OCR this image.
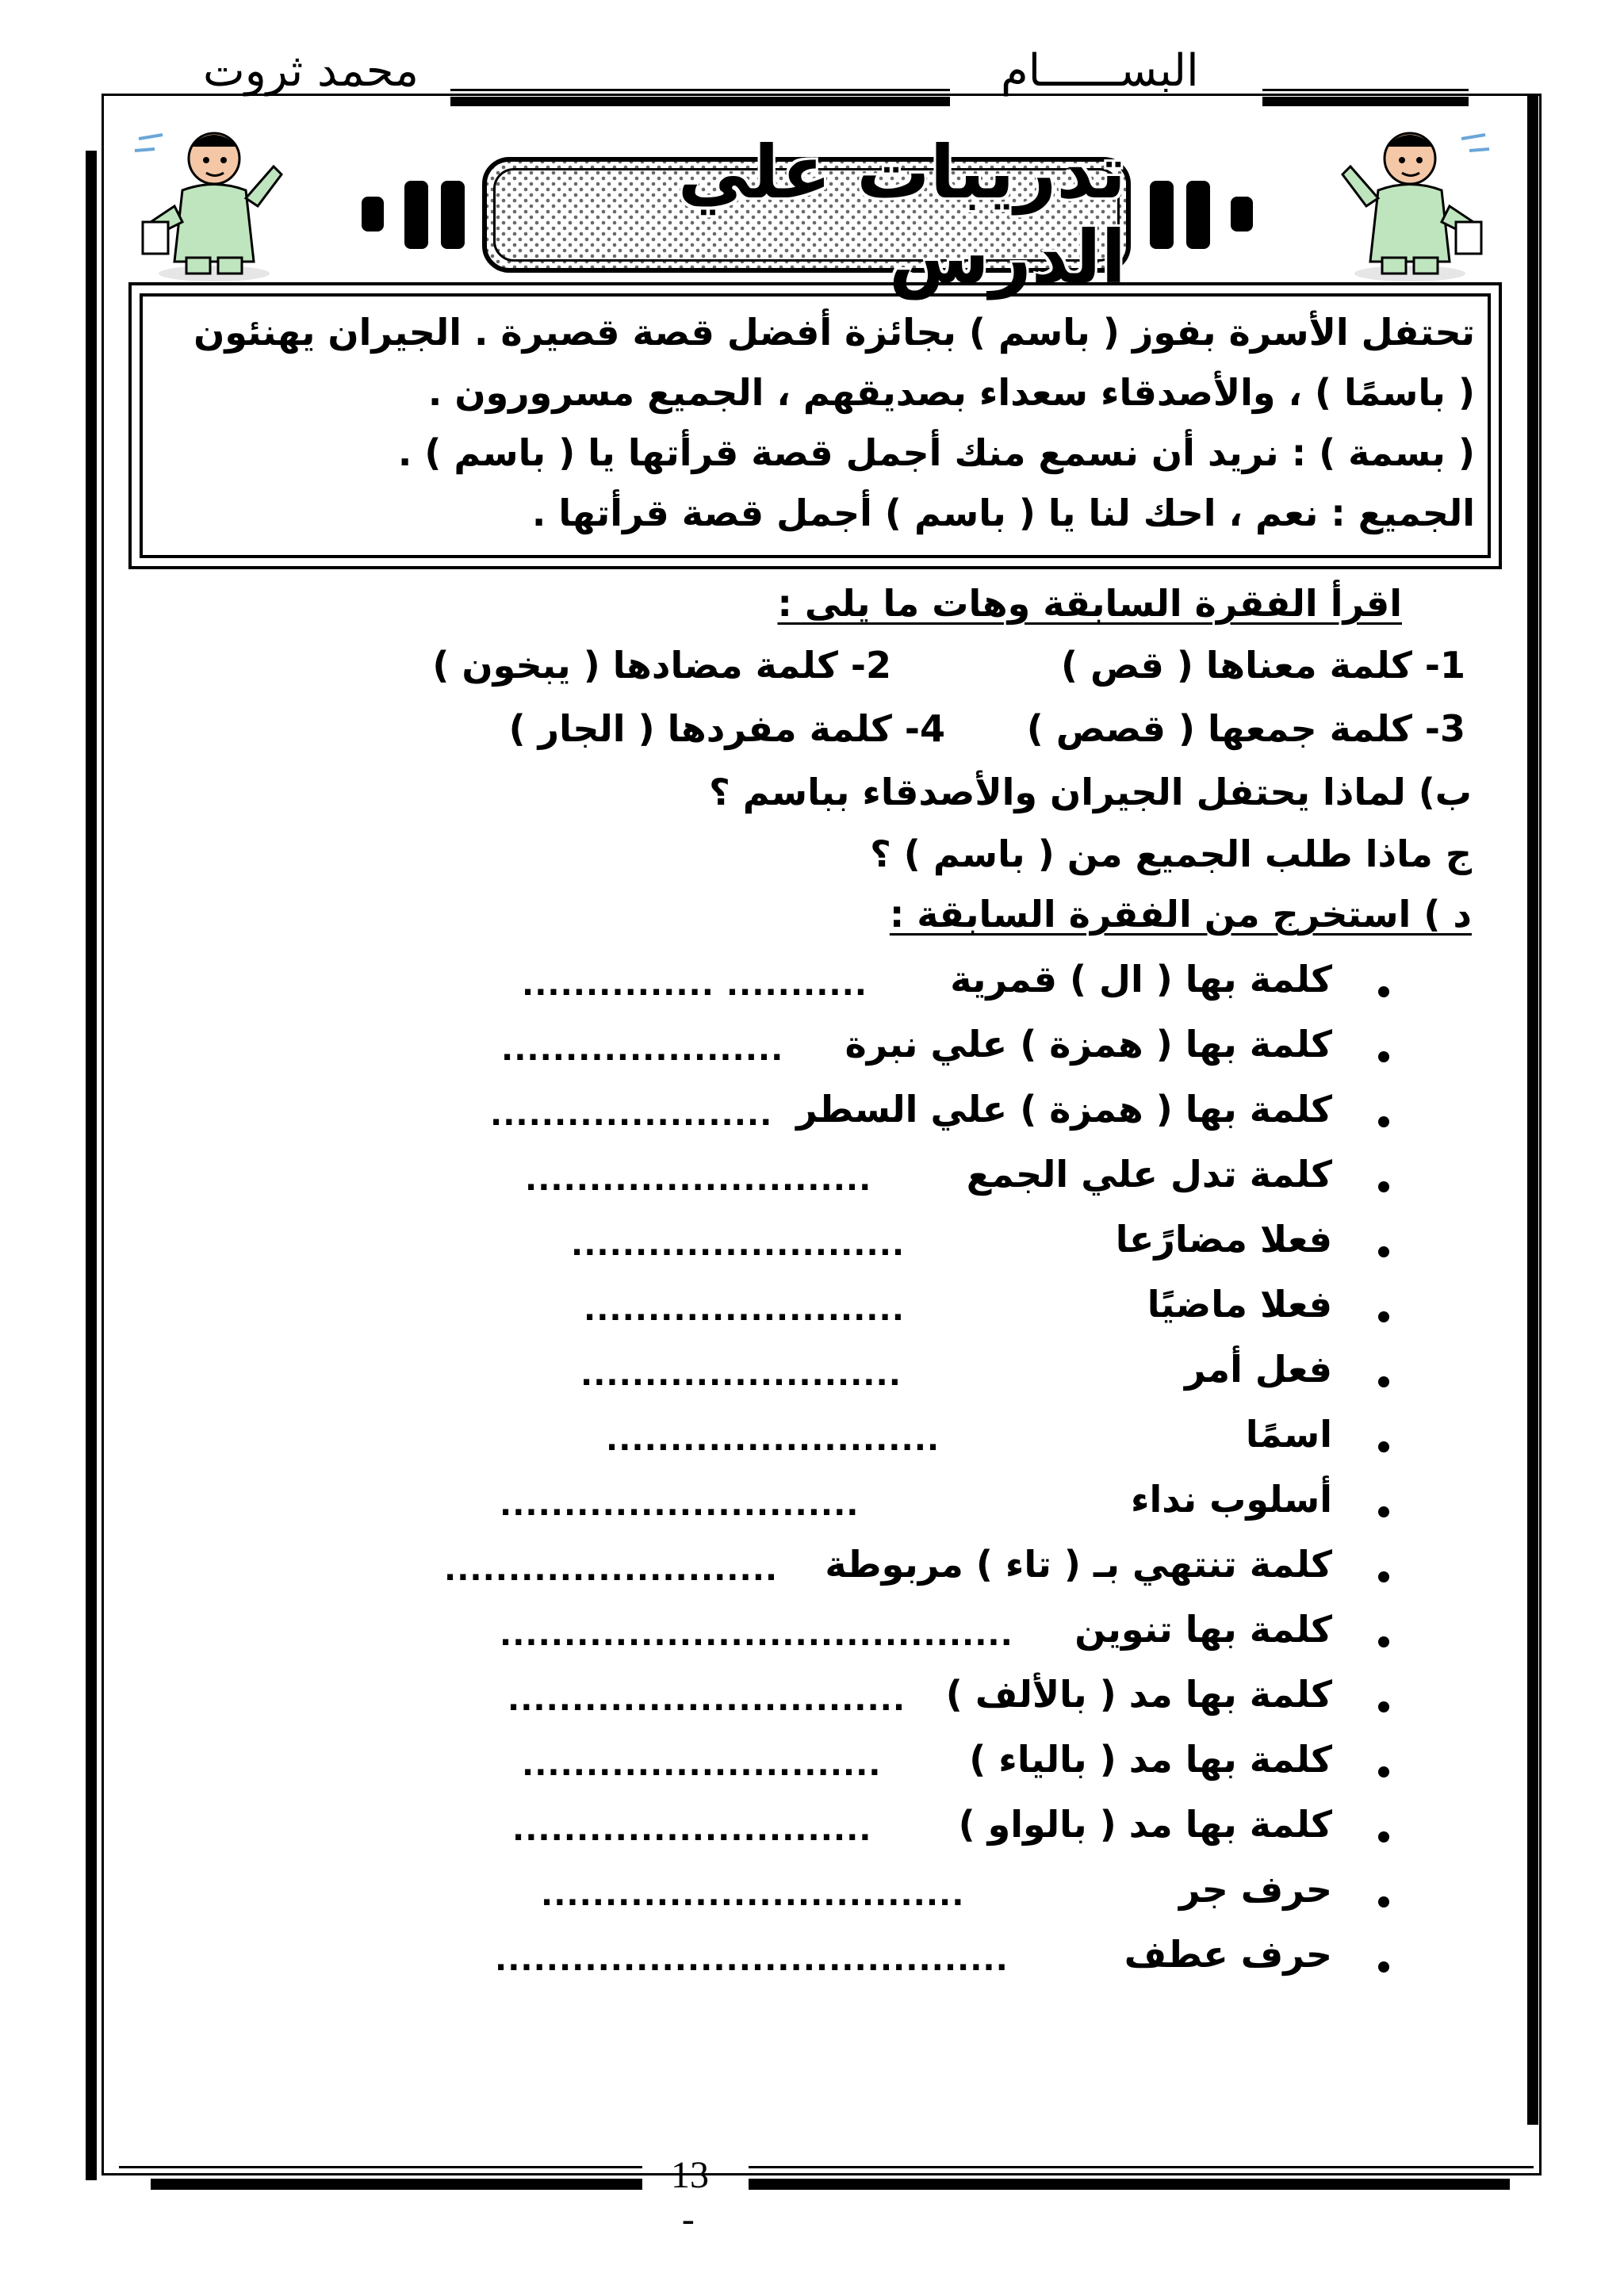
محمد ثروت	البســــــام
تدريبات علي الدرس
تحتفل الأسرة بفوز ( باسم ) بجائزة أفضل قصة قصيرة . الجيران يهنئون
( باسمًا ) ، والأصدقاء سعداء بصديقهم ، الجميع مسرورون .
( بسمة ) : نريد أن نسمع منك أجمل قصة قرأتها يا ( باسم ) .
الجميع : نعم ، احك لنا يا ( باسم ) أجمل قصة قرأتها .
اقرأ الفقرة السابقة وهات ما يلى :
1- كلمة معناها ( قص )
2- كلمة مضادها ( يبخون )
3- كلمة جمعها ( قصص )
4- كلمة مفردها ( الجار )
ب) لماذا يحتفل الجيران والأصدقاء بباسم ؟
ج ماذا طلب الجميع من ( باسم ) ؟
د ) استخرج من الفقرة السابقة :
كلمة بها ( ال ) قمرية
............... ...........
كلمة بها ( همزة ) علي نبرة
......................
كلمة بها ( همزة ) علي السطر
......................
كلمة تدل علي الجمع
...........................
فعلا مضارًعا
..........................
فعلا ماضيًا
.........................
فعل أمر
.........................
اسمًا
..........................
أسلوب نداء
............................
كلمة تنتهي بـ ( تاء ) مربوطة
..........................
كلمة بها تنوين
........................................
كلمة بها مد ( بالألف )
...............................
كلمة بها مد ( بالياء )
............................
كلمة بها مد ( بالواو )
............................
حرف جر
.................................
حرف عطف
........................................
13
ـ
